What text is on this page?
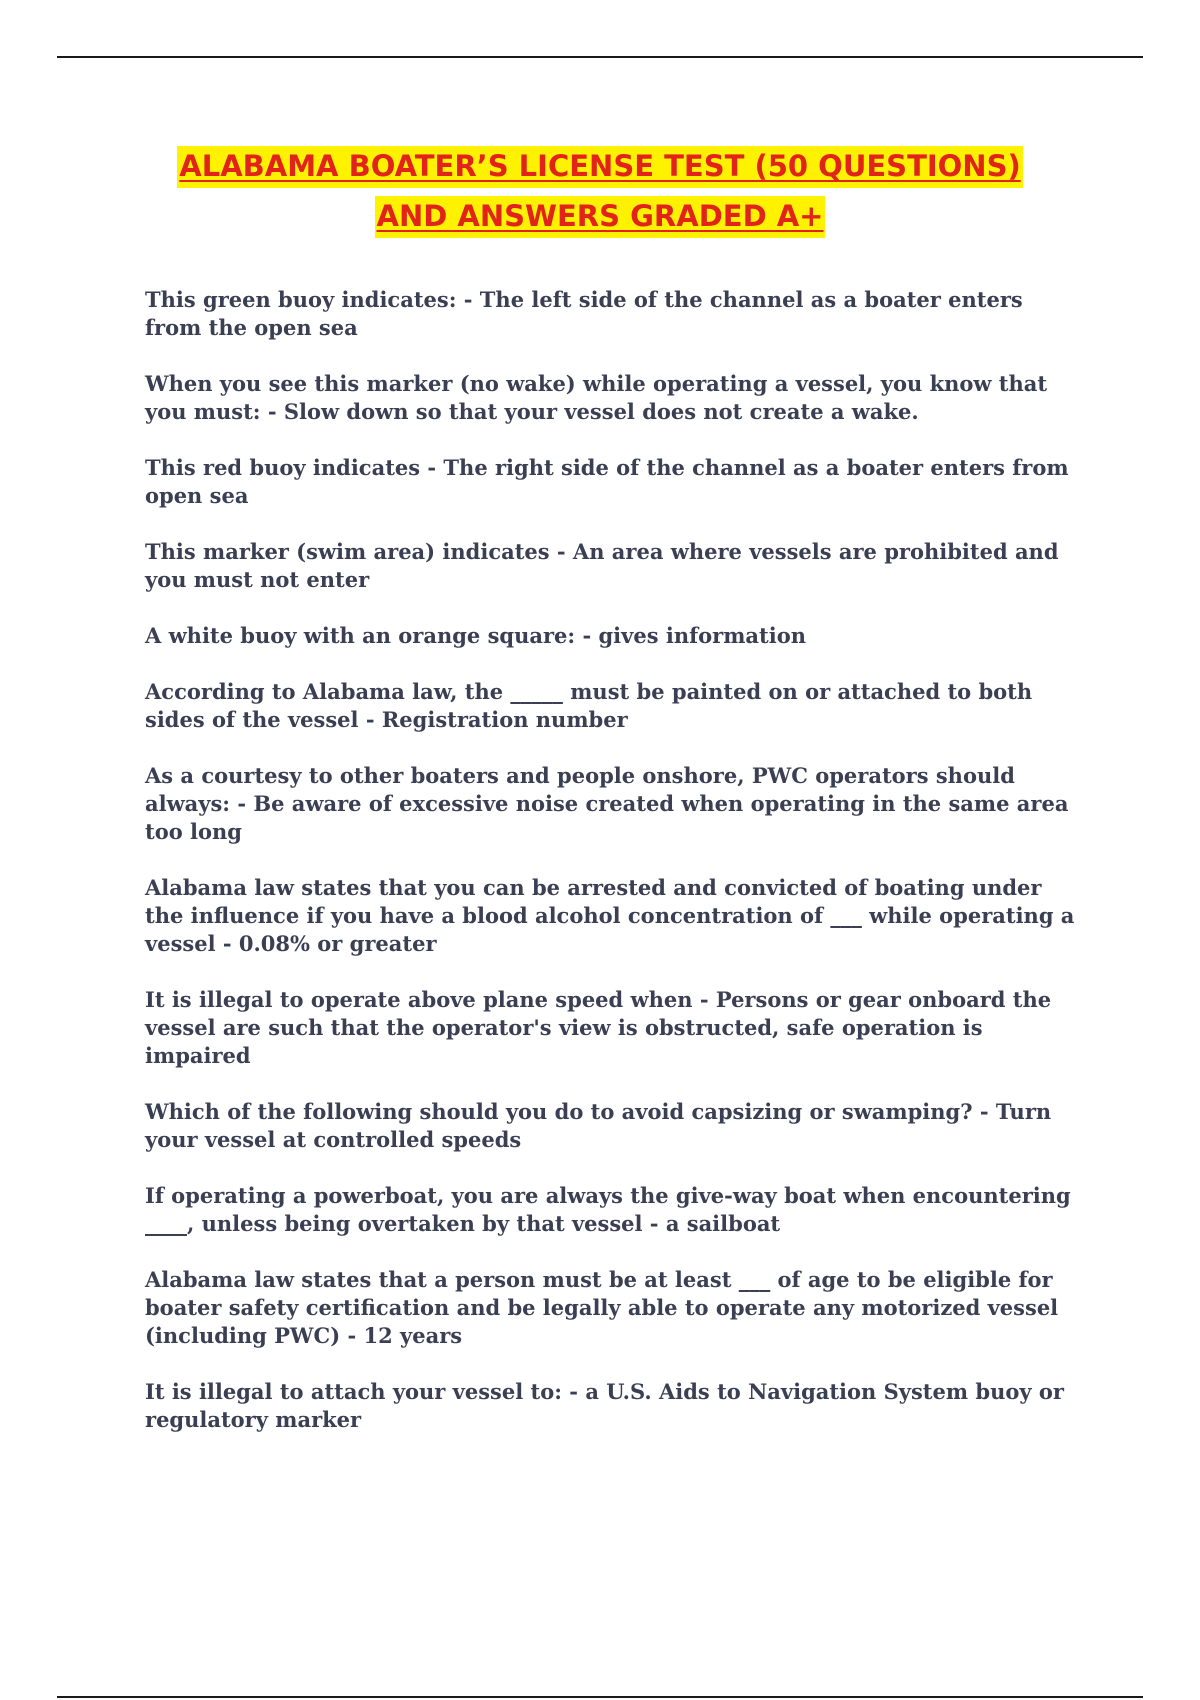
ALABAMA BOATER’S LICENSE TEST (50 QUESTIONS)
AND ANSWERS GRADED A+

This green buoy indicates: - The left side of the channel as a boater enters from the open sea

When you see this marker (no wake) while operating a vessel, you know that you must: - Slow down so that your vessel does not create a wake.

This red buoy indicates - The right side of the channel as a boater enters from open sea

This marker (swim area) indicates - An area where vessels are prohibited and you must not enter

A white buoy with an orange square: - gives information

According to Alabama law, the _____ must be painted on or attached to both sides of the vessel - Registration number

As a courtesy to other boaters and people onshore, PWC operators should always: - Be aware of excessive noise created when operating in the same area too long

Alabama law states that you can be arrested and convicted of boating under the influence if you have a blood alcohol concentration of ___ while operating a vessel - 0.08% or greater

It is illegal to operate above plane speed when - Persons or gear onboard the vessel are such that the operator's view is obstructed, safe operation is impaired

Which of the following should you do to avoid capsizing or swamping? - Turn your vessel at controlled speeds

If operating a powerboat, you are always the give-way boat when encountering ____, unless being overtaken by that vessel - a sailboat

Alabama law states that a person must be at least ___ of age to be eligible for boater safety certification and be legally able to operate any motorized vessel (including PWC) - 12 years

It is illegal to attach your vessel to: - a U.S. Aids to Navigation System buoy or regulatory marker
